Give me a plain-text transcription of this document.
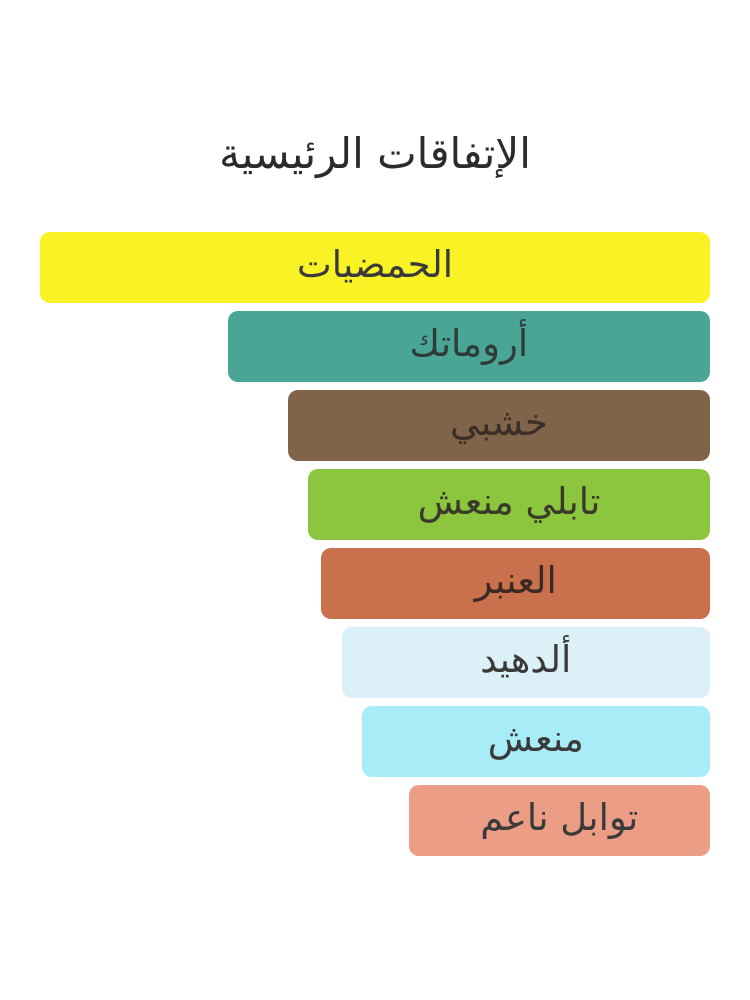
الإتفاقات الرئيسية
الحمضيات
أروماتك
خشبي
تابلي منعش
العنبر
ألدهيد
منعش
توابل ناعم
